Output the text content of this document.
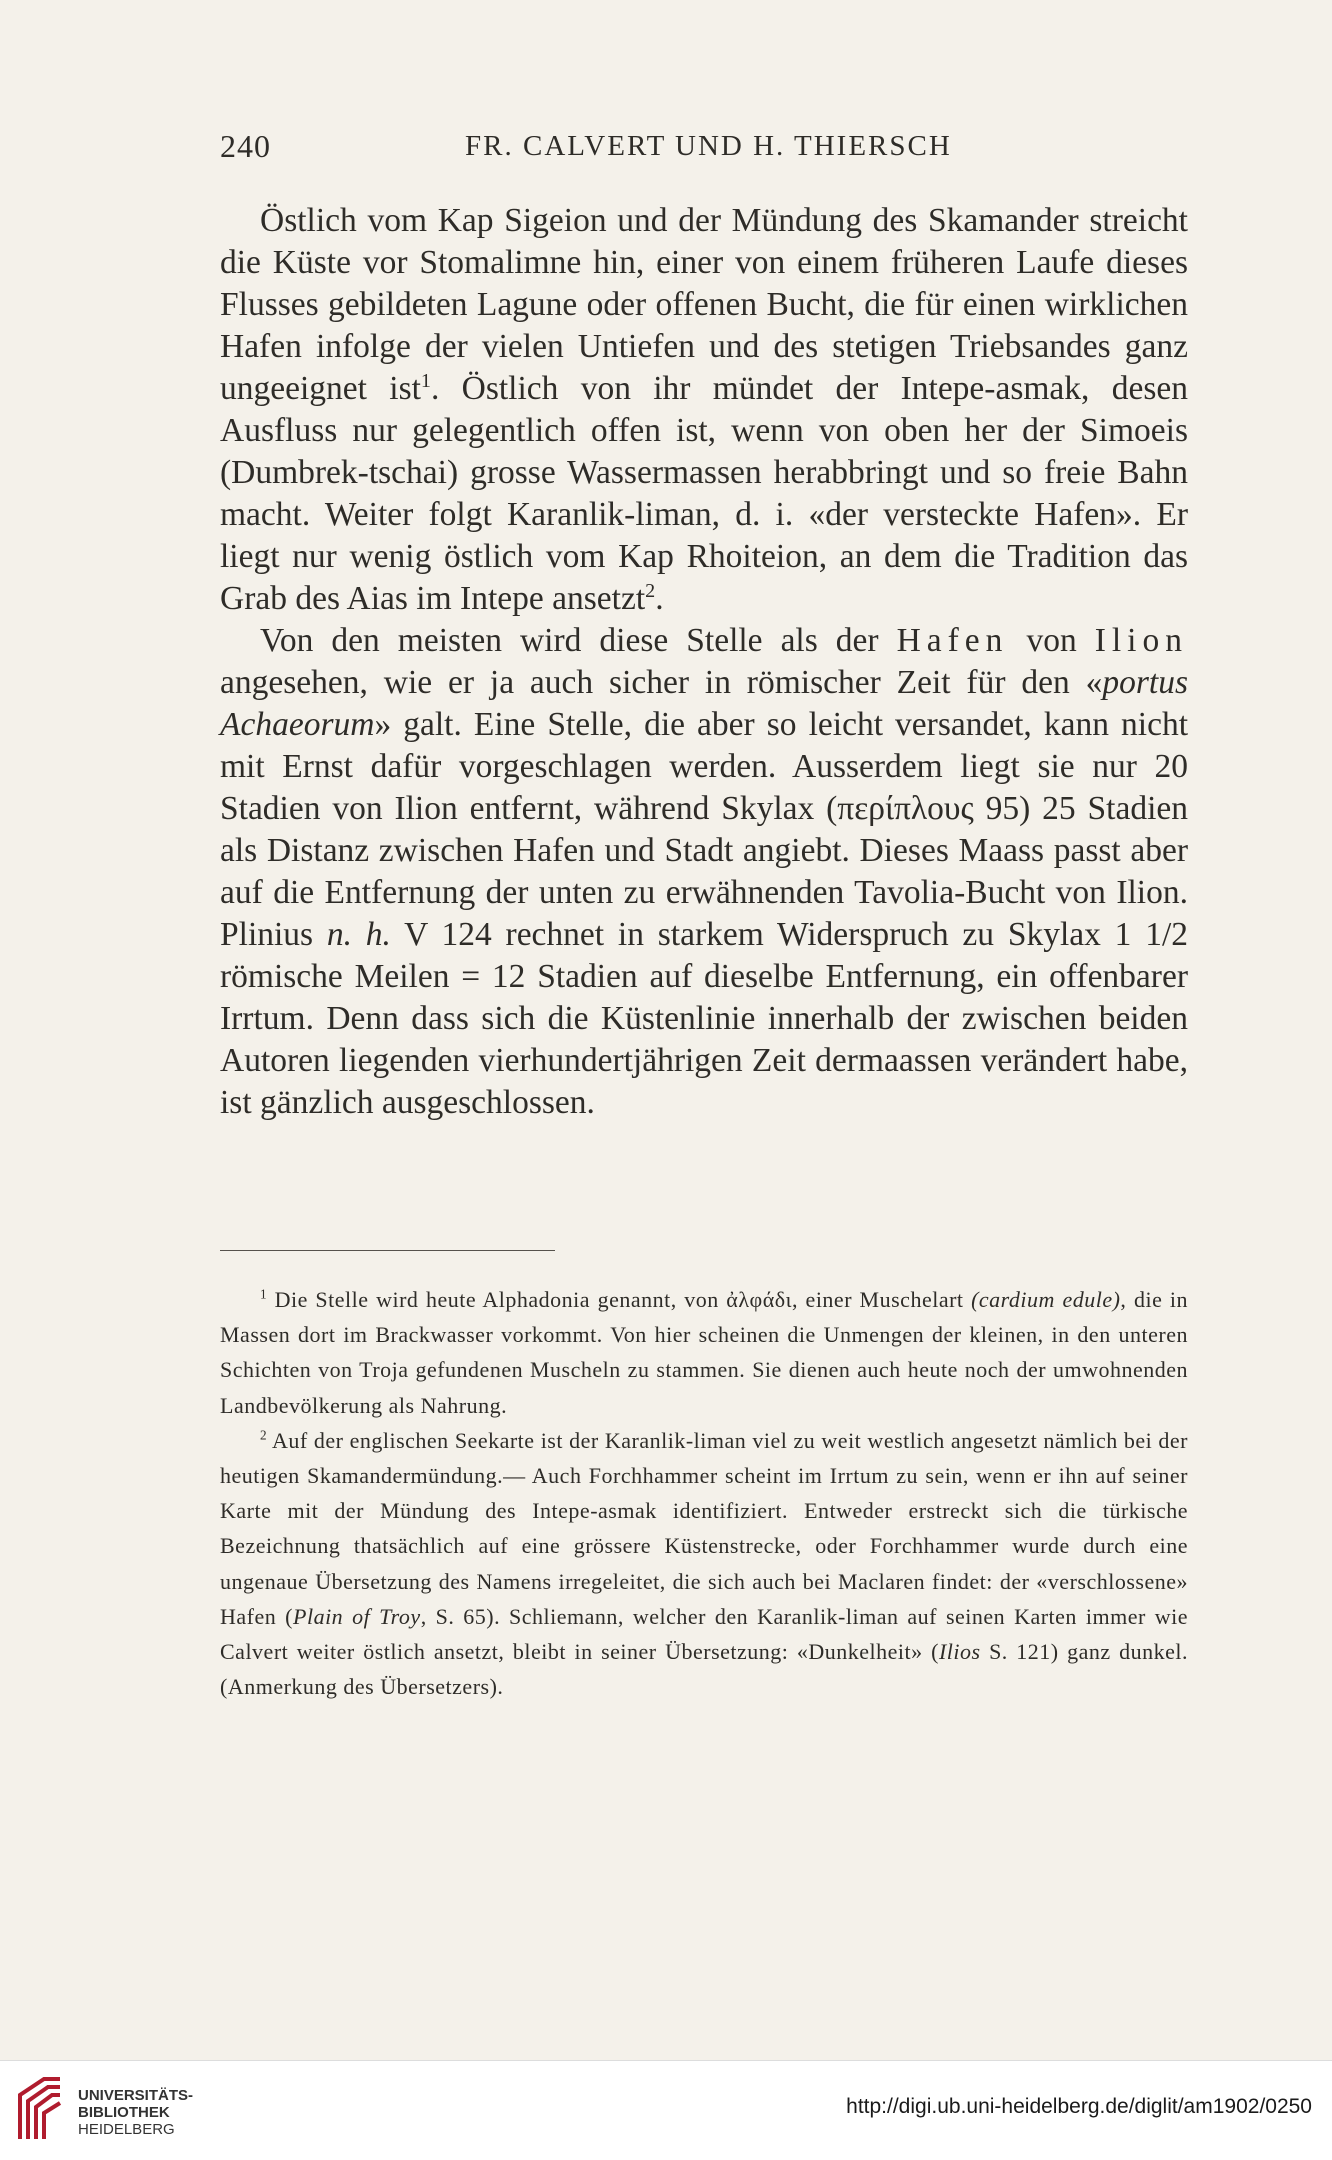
240	FR. CALVERT UND H. THIERSCH

Östlich vom Kap Sigeion und der Mündung des Skamander streicht die Küste vor Stomalimne hin, einer von einem früheren Laufe dieses Flusses gebildeten Lagune oder offenen Bucht, die für einen wirklichen Hafen infolge der vielen Untiefen und des stetigen Triebsandes ganz ungeeignet ist$^1$. Östlich von ihr mündet der Intepe-asmak, desen Ausfluss nur gelegentlich offen ist, wenn von oben her der Simoeis (Dumbrek-tschai) grosse Wassermassen herabbringt und so freie Bahn macht. Weiter folgt Karanlik-liman, d. i. «der versteckte Hafen». Er liegt nur wenig östlich vom Kap Rhoiteion, an dem die Tradition das Grab des Aias im Intepe ansetzt$^2$.

Von den meisten wird diese Stelle als der Hafen von Ilion angesehen, wie er ja auch sicher in römischer Zeit für den «portus Achaeorum» galt. Eine Stelle, die aber so leicht versandet, kann nicht mit Ernst dafür vorgeschlagen werden. Ausserdem liegt sie nur 20 Stadien von Ilion entfernt, während Skylax (περίπλους 95) 25 Stadien als Distanz zwischen Hafen und Stadt angiebt. Dieses Maass passt aber auf die Entfernung der unten zu erwähnenden Tavolia-Bucht von Ilion. Plinius n. h. V 124 rechnet in starkem Widerspruch zu Skylax 1 1/2 römische Meilen = 12 Stadien auf dieselbe Entfernung, ein offenbarer Irrtum. Denn dass sich die Küstenlinie innerhalb der zwischen beiden Autoren liegenden vierhundertjährigen Zeit dermaassen verändert habe, ist gänzlich ausgeschlossen.

$^1$ Die Stelle wird heute Alphadonia genannt, von ἀλφάδι, einer Muschelart (cardium edule), die in Massen dort im Brackwasser vorkommt. Von hier scheinen die Unmengen der kleinen, in den unteren Schichten von Troja gefundenen Muscheln zu stammen. Sie dienen auch heute noch der umwohnenden Landbevölkerung als Nahrung.

$^2$ Auf der englischen Seekarte ist der Karanlik-liman viel zu weit westlich angesetzt nämlich bei der heutigen Skamandermündung.— Auch Forchhammer scheint im Irrtum zu sein, wenn er ihn auf seiner Karte mit der Mündung des Intepe-asmak identifiziert. Entweder erstreckt sich die türkische Bezeichnung thatsächlich auf eine grössere Küstenstrecke, oder Forchhammer wurde durch eine ungenaue Übersetzung des Namens irregeleitet, die sich auch bei Maclaren findet: der «verschlossene» Hafen (Plain of Troy, S. 65). Schliemann, welcher den Karanlik-liman auf seinen Karten immer wie Calvert weiter östlich ansetzt, bleibt in seiner Übersetzung: «Dunkelheit» (Ilios S. 121) ganz dunkel. (Anmerkung des Übersetzers).

UNIVERSITÄTS-
BIBLIOTHEK
HEIDELBERG
http://digi.ub.uni-heidelberg.de/diglit/am1902/0250
